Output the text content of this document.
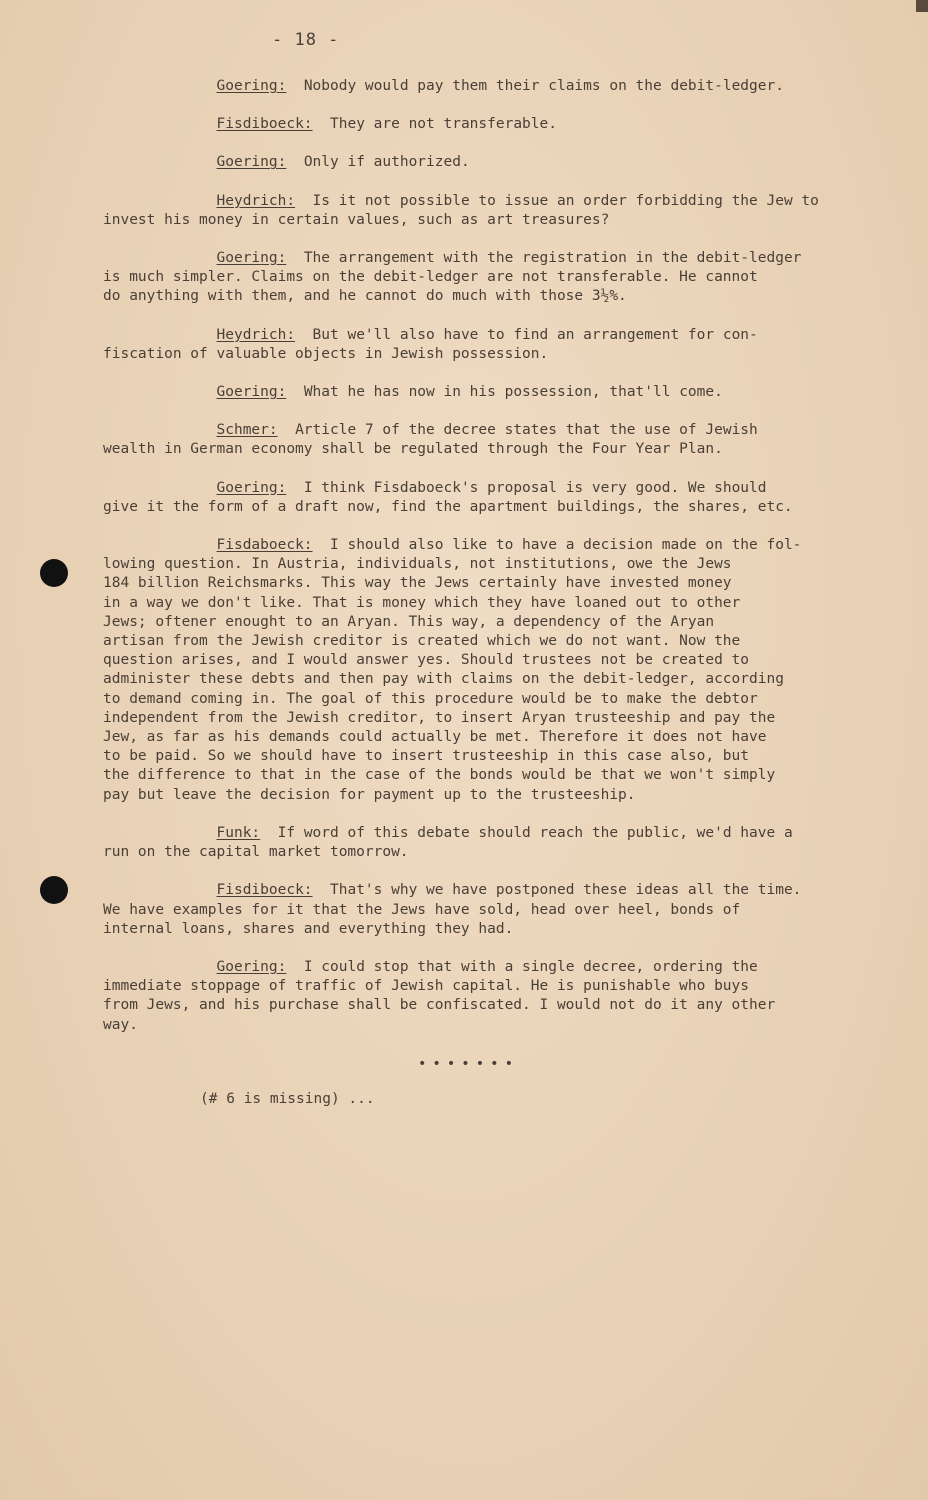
- 18 -

Goering: Nobody would pay them their claims on the debit-ledger.

Fisdiboeck: They are not transferable.

Goering: Only if authorized.

Heydrich: Is it not possible to issue an order forbidding the Jew to
invest his money in certain values, such as art treasures?

Goering: The arrangement with the registration in the debit-ledger
is much simpler. Claims on the debit-ledger are not transferable. He cannot
do anything with them, and he cannot do much with those 3½%.

Heydrich: But we'll also have to find an arrangement for con-
fiscation of valuable objects in Jewish possession.

Goering: What he has now in his possession, that'll come.

Schmer: Article 7 of the decree states that the use of Jewish
wealth in German economy shall be regulated through the Four Year Plan.

Goering: I think Fisdaboeck's proposal is very good. We should
give it the form of a draft now, find the apartment buildings, the shares, etc.

Fisdaboeck: I should also like to have a decision made on the fol-
lowing question. In Austria, individuals, not institutions, owe the Jews
184 billion Reichsmarks. This way the Jews certainly have invested money
in a way we don't like. That is money which they have loaned out to other
Jews; oftener enought to an Aryan. This way, a dependency of the Aryan
artisan from the Jewish creditor is created which we do not want. Now the
question arises, and I would answer yes. Should trustees not be created to
administer these debts and then pay with claims on the debit-ledger, according
to demand coming in. The goal of this procedure would be to make the debtor
independent from the Jewish creditor, to insert Aryan trusteeship and pay the
Jew, as far as his demands could actually be met. Therefore it does not have
to be paid. So we should have to insert trusteeship in this case also, but
the difference to that in the case of the bonds would be that we won't simply
pay but leave the decision for payment up to the trusteeship.

Funk: If word of this debate should reach the public, we'd have a
run on the capital market tomorrow.

Fisdiboeck: That's why we have postponed these ideas all the time.
We have examples for it that the Jews have sold, head over heel, bonds of
internal loans, shares and everything they had.

Goering: I could stop that with a single decree, ordering the
immediate stoppage of traffic of Jewish capital. He is punishable who buys
from Jews, and his purchase shall be confiscated. I would not do it any other
way.

•••••••

(# 6 is missing) ...
